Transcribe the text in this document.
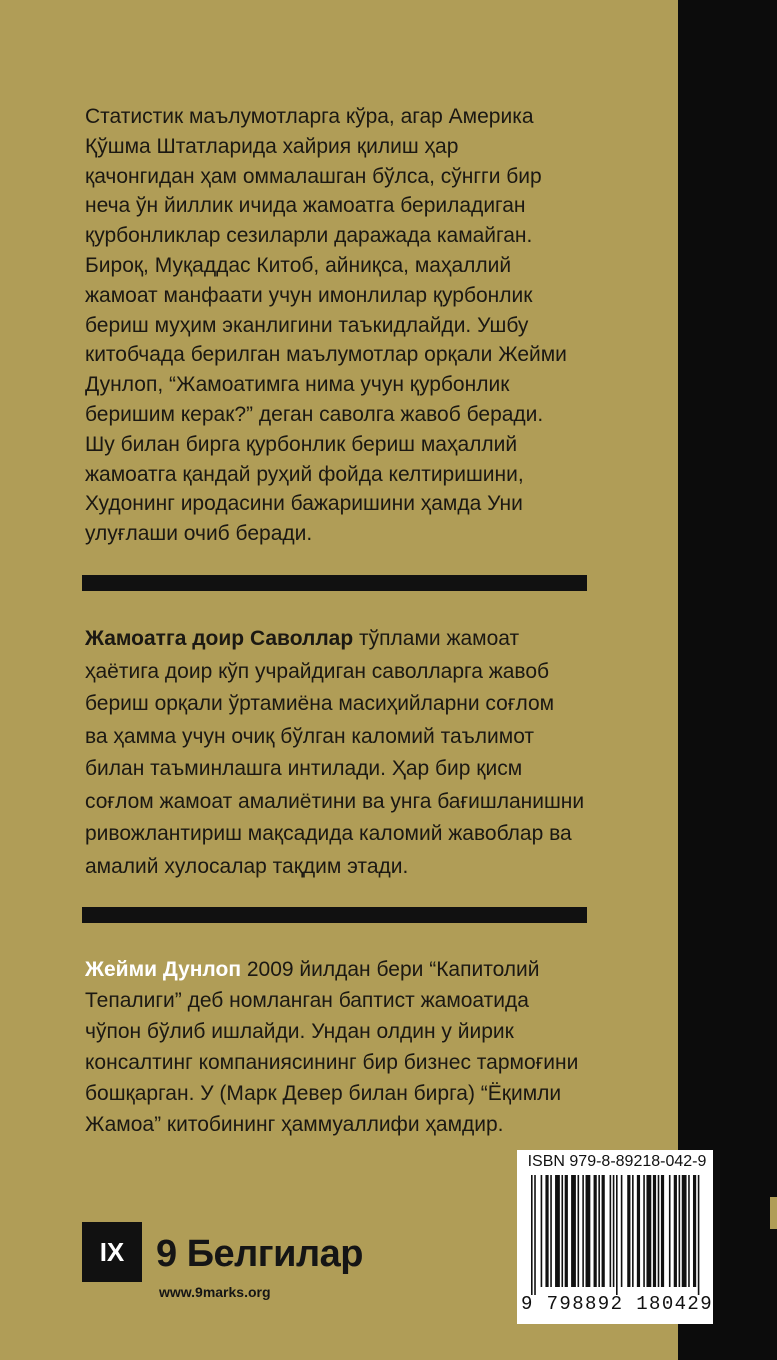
Статистик маълумотларга кўра, агар Америка
Қўшма Штатларида хайрия қилиш ҳар
қачонгидан ҳам оммалашган бўлса, сўнгги бир
неча ўн йиллик ичида жамоатга бериладиган
қурбонликлар сезиларли даражада камайган.
Бироқ, Муқаддас Китоб, айниқса, маҳаллий
жамоат манфаати учун имонлилар қурбонлик
бериш муҳим эканлигини таъкидлайди. Ушбу
китобчада берилган маълумотлар орқали Жейми
Дунлоп, “Жамоатимга нима учун қурбонлик
беришим керак?” деган саволга жавоб беради.
Шу билан бирга қурбонлик бериш маҳаллий
жамоатга қандай руҳий фойда келтиришини,
Худонинг иродасини бажаришини ҳамда Уни
улуғлаши очиб беради.

Жамоатга доир Саволлар тўплами жамоат
ҳаётига доир кўп учрайдиган саволларга жавоб
бериш орқали ўртамиёна масиҳийларни соғлом
ва ҳамма учун очиқ бўлган каломий таълимот
билан таъминлашга интилади. Ҳар бир қисм
соғлом жамоат амалиётини ва унга бағишланишни
ривожлантириш мақсадида каломий жавоблар ва
амалий хулосалар тақдим этади.

Жейми Дунлоп 2009 йилдан бери “Капитолий
Тепалиги” деб номланган баптист жамоатида
чўпон бўлиб ишлайди. Ундан олдин у йирик
консалтинг компаниясининг бир бизнес тармоғини
бошқарган. У (Марк Девер билан бирга) “Ёқимли
Жамоа” китобининг ҳаммуаллифи ҳамдир.

IX 9 Белгилар
www.9marks.org
ISBN 979-8-89218-042-9
9 798892 180429
